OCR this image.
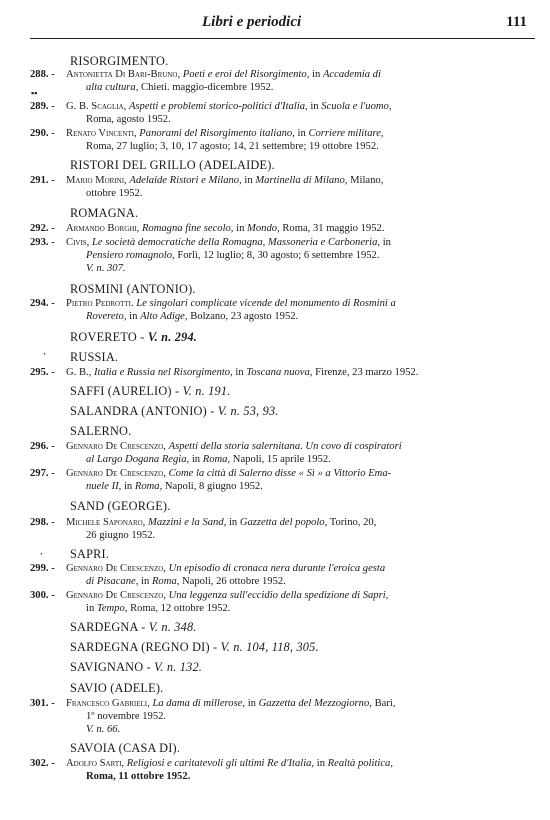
Libri e periodici	111
RISORGIMENTO.
288. -	Antonietta Di Bari-Bruno, Poeti e eroi del Risorgimento, in Accademia di
alta cultura, Chieti. maggio-dicembre 1952.
▪▪
289. -	G. B. Scaglia, Aspetti e problemi storico-politici d'Italia, in Scuola e l'uomo,
Roma, agosto 1952.
290. -	Renato Vincenti, Panorami del Risorgimento italiano, in Corriere militare,
Roma, 27 luglio; 3, 10, 17 agosto; 14, 21 settembre; 19 ottobre 1952.
RISTORI DEL GRILLO (ADELAIDE).
291. -	Mario Morini, Adelaide Ristori e Milano, in Martinella di Milano, Milano,
ottobre 1952.
ROMAGNA.
292. -	Armando Borghi, Romagna fine secolo, in Mondo, Roma, 31 maggio 1952.
293. -	Civis, Le società democratiche della Romagna, Massoneria e Carboneria, in
Pensiero romagnolo, Forlì, 12 luglio; 8, 30 agosto; 6 settembre 1952.
V. n. 307.
ROSMINI (ANTONIO).
294. -	Pietro Pedrotti. Le singolari complicate vicende del monumento di Rosmini a
Rovereto, in Alto Adige, Bolzano, 23 agosto 1952.
ROVERETO - V. n. 294.
· RUSSIA.
295. -	G. B., Italia e Russia nel Risorgimento, in Toscana nuova, Firenze, 23 marzo 1952.
SAFFI (AURELIO) - V. n. 191.
SALANDRA (ANTONIO) - V. n. 53, 93.
SALERNO.
296. -	Gennaro De Crescenzo, Aspetti della storia salernitana. Un covo di cospiratori
al Largo Dogana Regia, in Roma, Napoli, 15 aprile 1952.
297. -	Gennaro De Crescenzo, Come la città di Salerno disse « Sì » a Vittorio Ema-
nuele II, in Roma, Napoli, 8 giugno 1952.
SAND (GEORGE).
298. -	Michele Saponaro, Mazzini e la Sand, in Gazzetta del popolo, Torino, 20,
26 giugno 1952.
· SAPRI.
299. -	Gennaro De Crescenzo, Un episodio di cronaca nera durante l'eroica gesta
di Pisacane, in Roma, Napoli, 26 ottobre 1952.
300. -	Gennaro De Crescenzo, Una leggenza sull'eccidio della spedizione di Sapri,
in Tempo, Roma, 12 ottobre 1952.
SARDEGNA - V. n. 348.
SARDEGNA (REGNO DI) - V. n. 104, 118, 305.
SAVIGNANO - V. n. 132.
SAVIO (ADELE).
301. -	Francesco Gabrieli, La dama di millerose, in Gazzetta del Mezzogiorno, Bari,
1º novembre 1952.
V. n. 66.
SAVOIA (CASA DI).
302. -	Adolfo Sarti, Religiosi e caritatevoli gli ultimi Re d'Italia, in Realtà politica,
Roma, 11 ottobre 1952.
